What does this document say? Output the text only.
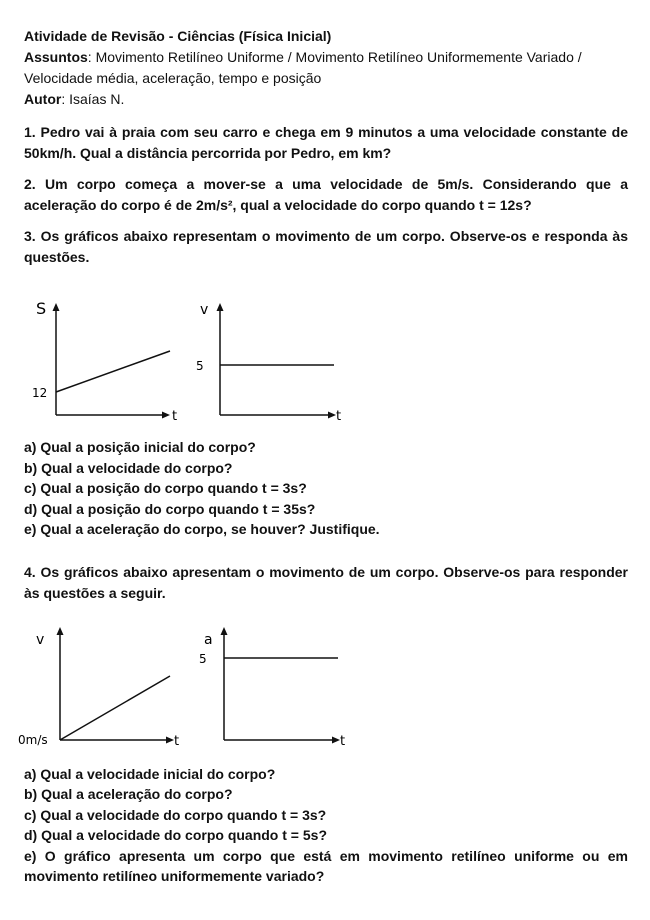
Atividade de Revisão - Ciências (Física Inicial)
Assuntos: Movimento Retilíneo Uniforme / Movimento Retilíneo Uniformemente Variado / Velocidade média, aceleração, tempo e posição
Autor: Isaías N.
1. Pedro vai à praia com seu carro e chega em 9 minutos a uma velocidade constante de 50km/h. Qual a distância percorrida por Pedro, em km?
2. Um corpo começa a mover-se a uma velocidade de 5m/s. Considerando que a aceleração do corpo é de 2m/s², qual a velocidade do corpo quando t = 12s?
3. Os gráficos abaixo representam o movimento de um corpo. Observe-os e responda às questões.
S
t
12
v
t
5
a) Qual a posição inicial do corpo?
b) Qual a velocidade do corpo?
c) Qual a posição do corpo quando t = 3s?
d) Qual a posição do corpo quando t = 35s?
e) Qual a aceleração do corpo, se houver? Justifique.
4. Os gráficos abaixo apresentam o movimento de um corpo. Observe-os para responder às questões a seguir.
v
t
0m/s
a
t
5
a) Qual a velocidade inicial do corpo?
b) Qual a aceleração do corpo?
c) Qual a velocidade do corpo quando t = 3s?
d) Qual a velocidade do corpo quando t = 5s?
e) O gráfico apresenta um corpo que está em movimento retilíneo uniforme ou em movimento retilíneo uniformemente variado?
